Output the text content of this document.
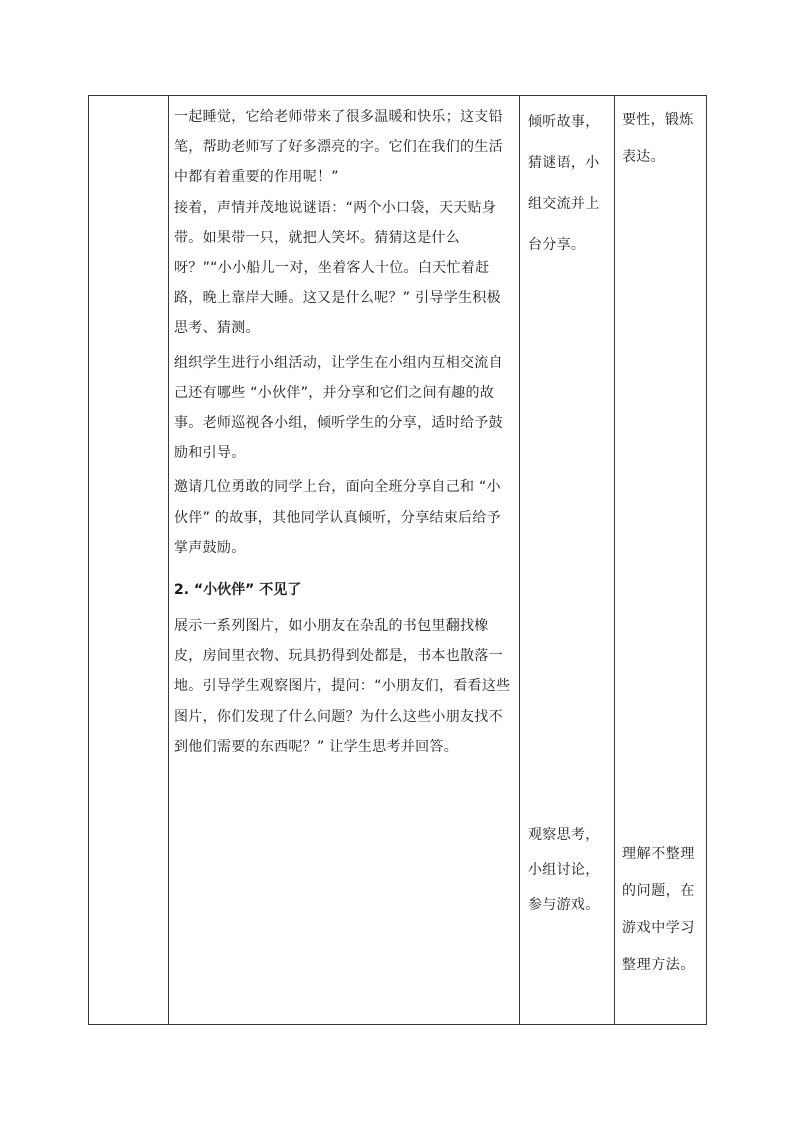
一起睡觉，它给老师带来了很多温暖和快乐；这支铅笔，帮助老师写了好多漂亮的字。它们在我们的生活中都有着重要的作用呢！”

接着，声情并茂地说谜语：“两个小口袋，天天贴身带。如果带一只，就把人笑坏。猜猜这是什么呀？”“小小船儿一对，坐着客人十位。白天忙着赶路，晚上靠岸大睡。这又是什么呢？” 引导学生积极思考、猜测。

组织学生进行小组活动，让学生在小组内互相交流自己还有哪些 “小伙伴”，并分享和它们之间有趣的故事。老师巡视各小组，倾听学生的分享，适时给予鼓励和引导。

邀请几位勇敢的同学上台，面向全班分享自己和 “小伙伴” 的故事，其他同学认真倾听，分享结束后给予掌声鼓励。

2. “小伙伴” 不见了

展示一系列图片，如小朋友在杂乱的书包里翻找橡皮，房间里衣物、玩具扔得到处都是，书本也散落一地。引导学生观察图片，提问：“小朋友们，看看这些图片，你们发现了什么问题？为什么这些小朋友找不到他们需要的东西呢？” 让学生思考并回答。

倾听故事，猜谜语，小组交流并上台分享。

观察思考，小组讨论，参与游戏。

要性，锻炼表达。

理解不整理的问题，在游戏中学习整理方法。
